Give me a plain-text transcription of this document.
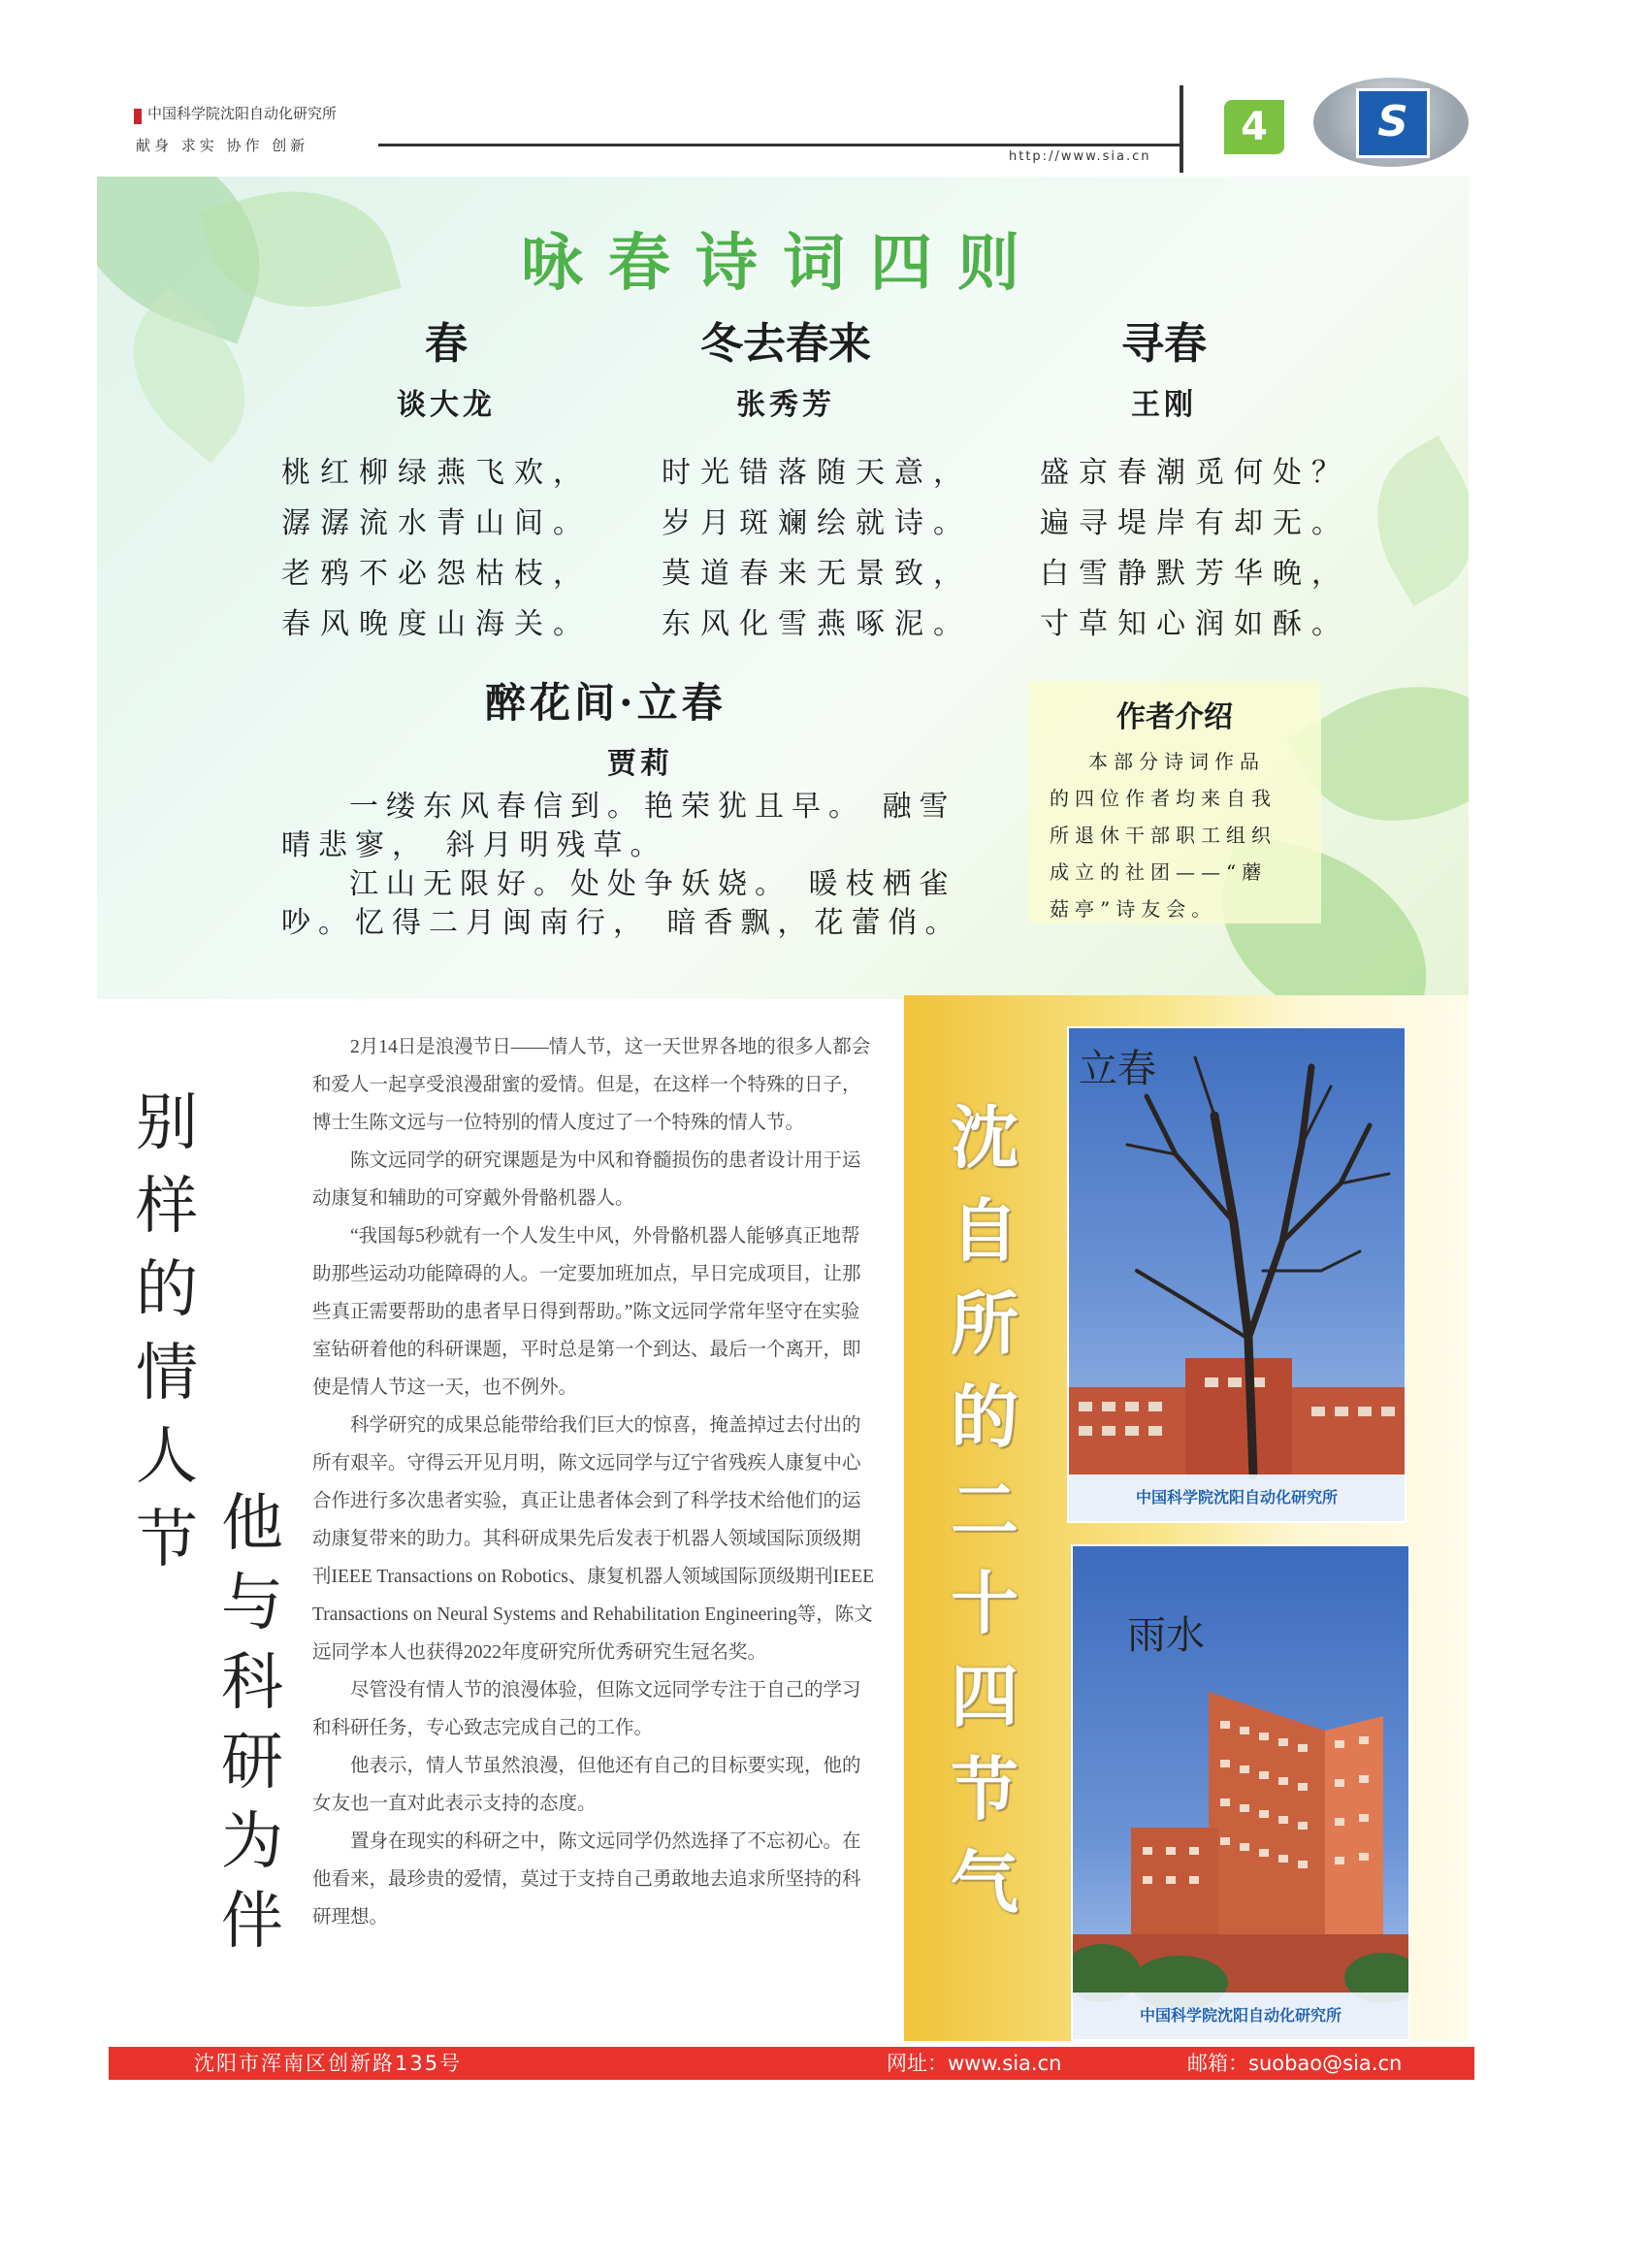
中国科学院沈阳自动化研究所
献身 求实 协作 创新
http://www.sia.cn
4	S
咏春诗词四则
春
谈大龙
桃红柳绿燕飞欢，
潺潺流水青山间。
老鸦不必怨枯枝，
春风晚度山海关。
冬去春来
张秀芳
时光错落随天意，
岁月斑斓绘就诗。
莫道春来无景致，
东风化雪燕啄泥。
寻春
王刚
盛京春潮觅何处？
遍寻堤岸有却无。
白雪静默芳华晚，
寸草知心润如酥。
醉花间·立春
贾莉
一缕东风春信到。艳荣犹且早。 融雪
晴悲寥， 斜月明残草。
江山无限好。处处争妖娆。 暖枝栖雀
吵。忆得二月闽南行， 暗香飘，花蕾俏。
作者介绍
本部分诗词作品
的四位作者均来自我
所退休干部职工组织
成立的社团——“蘑
菇亭”诗友会。
别样的情人节 他与科研为伴

2月14日是浪漫节日——情人节，这一天世界各地的很多人都会和爱人一起享受浪漫甜蜜的爱情。但是，在这样一个特殊的日子，博士生陈文远与一位特别的情人度过了一个特殊的情人节。

陈文远同学的研究课题是为中风和脊髓损伤的患者设计用于运动康复和辅助的可穿戴外骨骼机器人。

“我国每5秒就有一个人发生中风，外骨骼机器人能够真正地帮助那些运动功能障碍的人。一定要加班加点，早日完成项目，让那些真正需要帮助的患者早日得到帮助。”陈文远同学常年坚守在实验室钻研着他的科研课题，平时总是第一个到达、最后一个离开，即使是情人节这一天，也不例外。

科学研究的成果总能带给我们巨大的惊喜，掩盖掉过去付出的所有艰辛。守得云开见月明，陈文远同学与辽宁省残疾人康复中心合作进行多次患者实验，真正让患者体会到了科学技术给他们的运动康复带来的助力。其科研成果先后发表于机器人领域国际顶级期刊IEEE Transactions on Robotics、康复机器人领域国际顶级期刊IEEE Transactions on Neural Systems and Rehabilitation Engineering等，陈文远同学本人也获得2022年度研究所优秀研究生冠名奖。

尽管没有情人节的浪漫体验，但陈文远同学专注于自己的学习和科研任务，专心致志完成自己的工作。

他表示，情人节虽然浪漫，但他还有自己的目标要实现，他的女友也一直对此表示支持的态度。

置身在现实的科研之中，陈文远同学仍然选择了不忘初心。在他看来，最珍贵的爱情，莫过于支持自己勇敢地去追求所坚持的科研理想。

沈自所的二十四节气
立春
中国科学院沈阳自动化研究所
雨水
中国科学院沈阳自动化研究所
沈阳市浑南区创新路135号	网址：www.sia.cn	邮箱：suobao@sia.cn
